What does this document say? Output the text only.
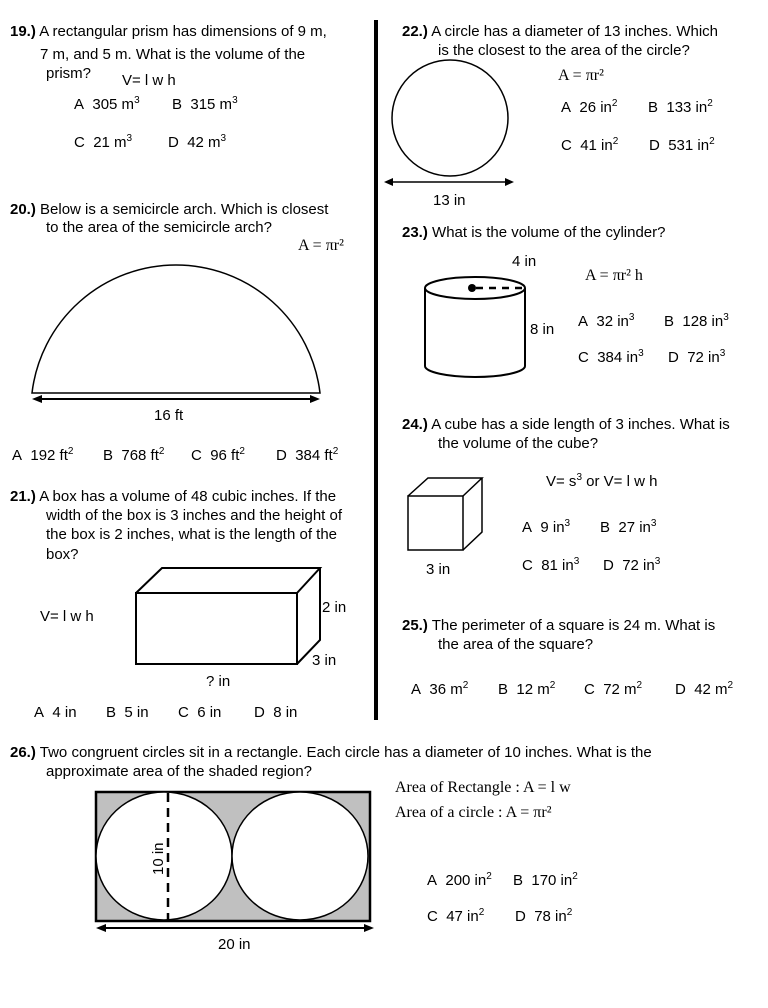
19.) A rectangular prism has dimensions of 9 m,
7 m, and 5 m. What is the volume of the
prism? V= l w h
A 305 $m^3$ B 315 $m^3$
C 21 $m^3$ D 42 $m^3$
20.) Below is a semicircle arch. Which is closest
to the area of the semicircle arch?
A = πr²
16 ft
A 192 $ft^2$ B 768 $ft^2$ C 96 $ft^2$ D 384 $ft^2$
21.) A box has a volume of 48 cubic inches. If the
width of the box is 3 inches and the height of
the box is 2 inches, what is the length of the
box?
V= l w h
2 in
3 in
? in
A 4 in B 5 in C 6 in D 8 in
22.) A circle has a diameter of 13 inches. Which
is the closest to the area of the circle?
A = πr²
13 in
A 26 $in^2$ B 133 $in^2$
C 41 $in^2$ D 531 $in^2$
23.) What is the volume of the cylinder?
4 in
A = πr² h
8 in A 32 $in^3$ B 128 $in^3$
C 384 $in^3$ D 72 $in^3$
24.) A cube has a side length of 3 inches. What is
the volume of the cube?
$V= s^3$ or V= l w h
3 in
A 9 $in^3$ B 27 $in^3$
C 81 $in^3$ D 72 $in^3$
25.) The perimeter of a square is 24 m. What is
the area of the square?
A 36 $m^2$ B 12 $m^2$ C 72 $m^2$ D 42 $m^2$
26.) Two congruent circles sit in a rectangle. Each circle has a diameter of 10 inches. What is the
approximate area of the shaded region?
Area of Rectangle : A = l w
Area of a circle : A = πr²
10 in
20 in
A 200 $in^2$ B 170 $in^2$
C 47 $in^2$ D 78 $in^2$
